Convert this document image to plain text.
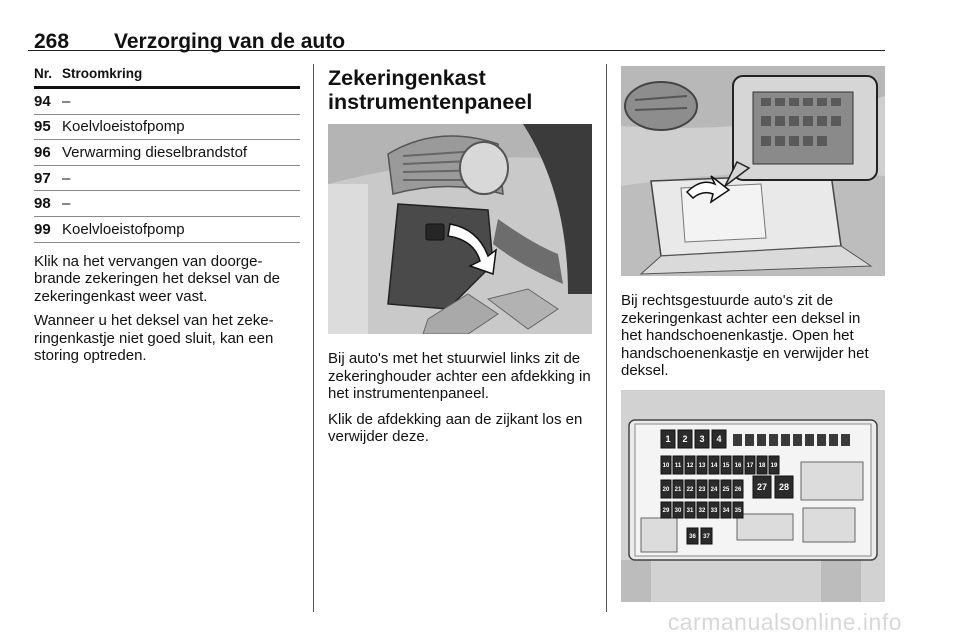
268 Verzorging van de auto
Nr. Stroomkring
94 –
95 Koelvloeistofpomp
96 Verwarming dieselbrandstof
97 –
98 –
99 Koelvloeistofpomp

Klik na het vervangen van doorge-brande zekeringen het deksel van de zekeringenkast weer vast.

Wanneer u het deksel van het zeke-ringenkastje niet goed sluit, kan een storing optreden.

Zekeringenkast instrumentenpaneel

Bij auto's met het stuurwiel links zit de zekeringhouder achter een afdekking in het instrumentenpaneel.

Klik de afdekking aan de zijkant los en verwijder deze.

Bij rechtsgestuurde auto's zit de zekeringenkast achter een deksel in het handschoenenkastje. Open het handschoenenkastje en verwijder het deksel.

1 2 3 4
10 11 12 13 14 15 16 17 18 19
20 21 22 23 24 25 26 27 28
29 30 31 32 33 34 35
36 37
carmanualsonline.info
